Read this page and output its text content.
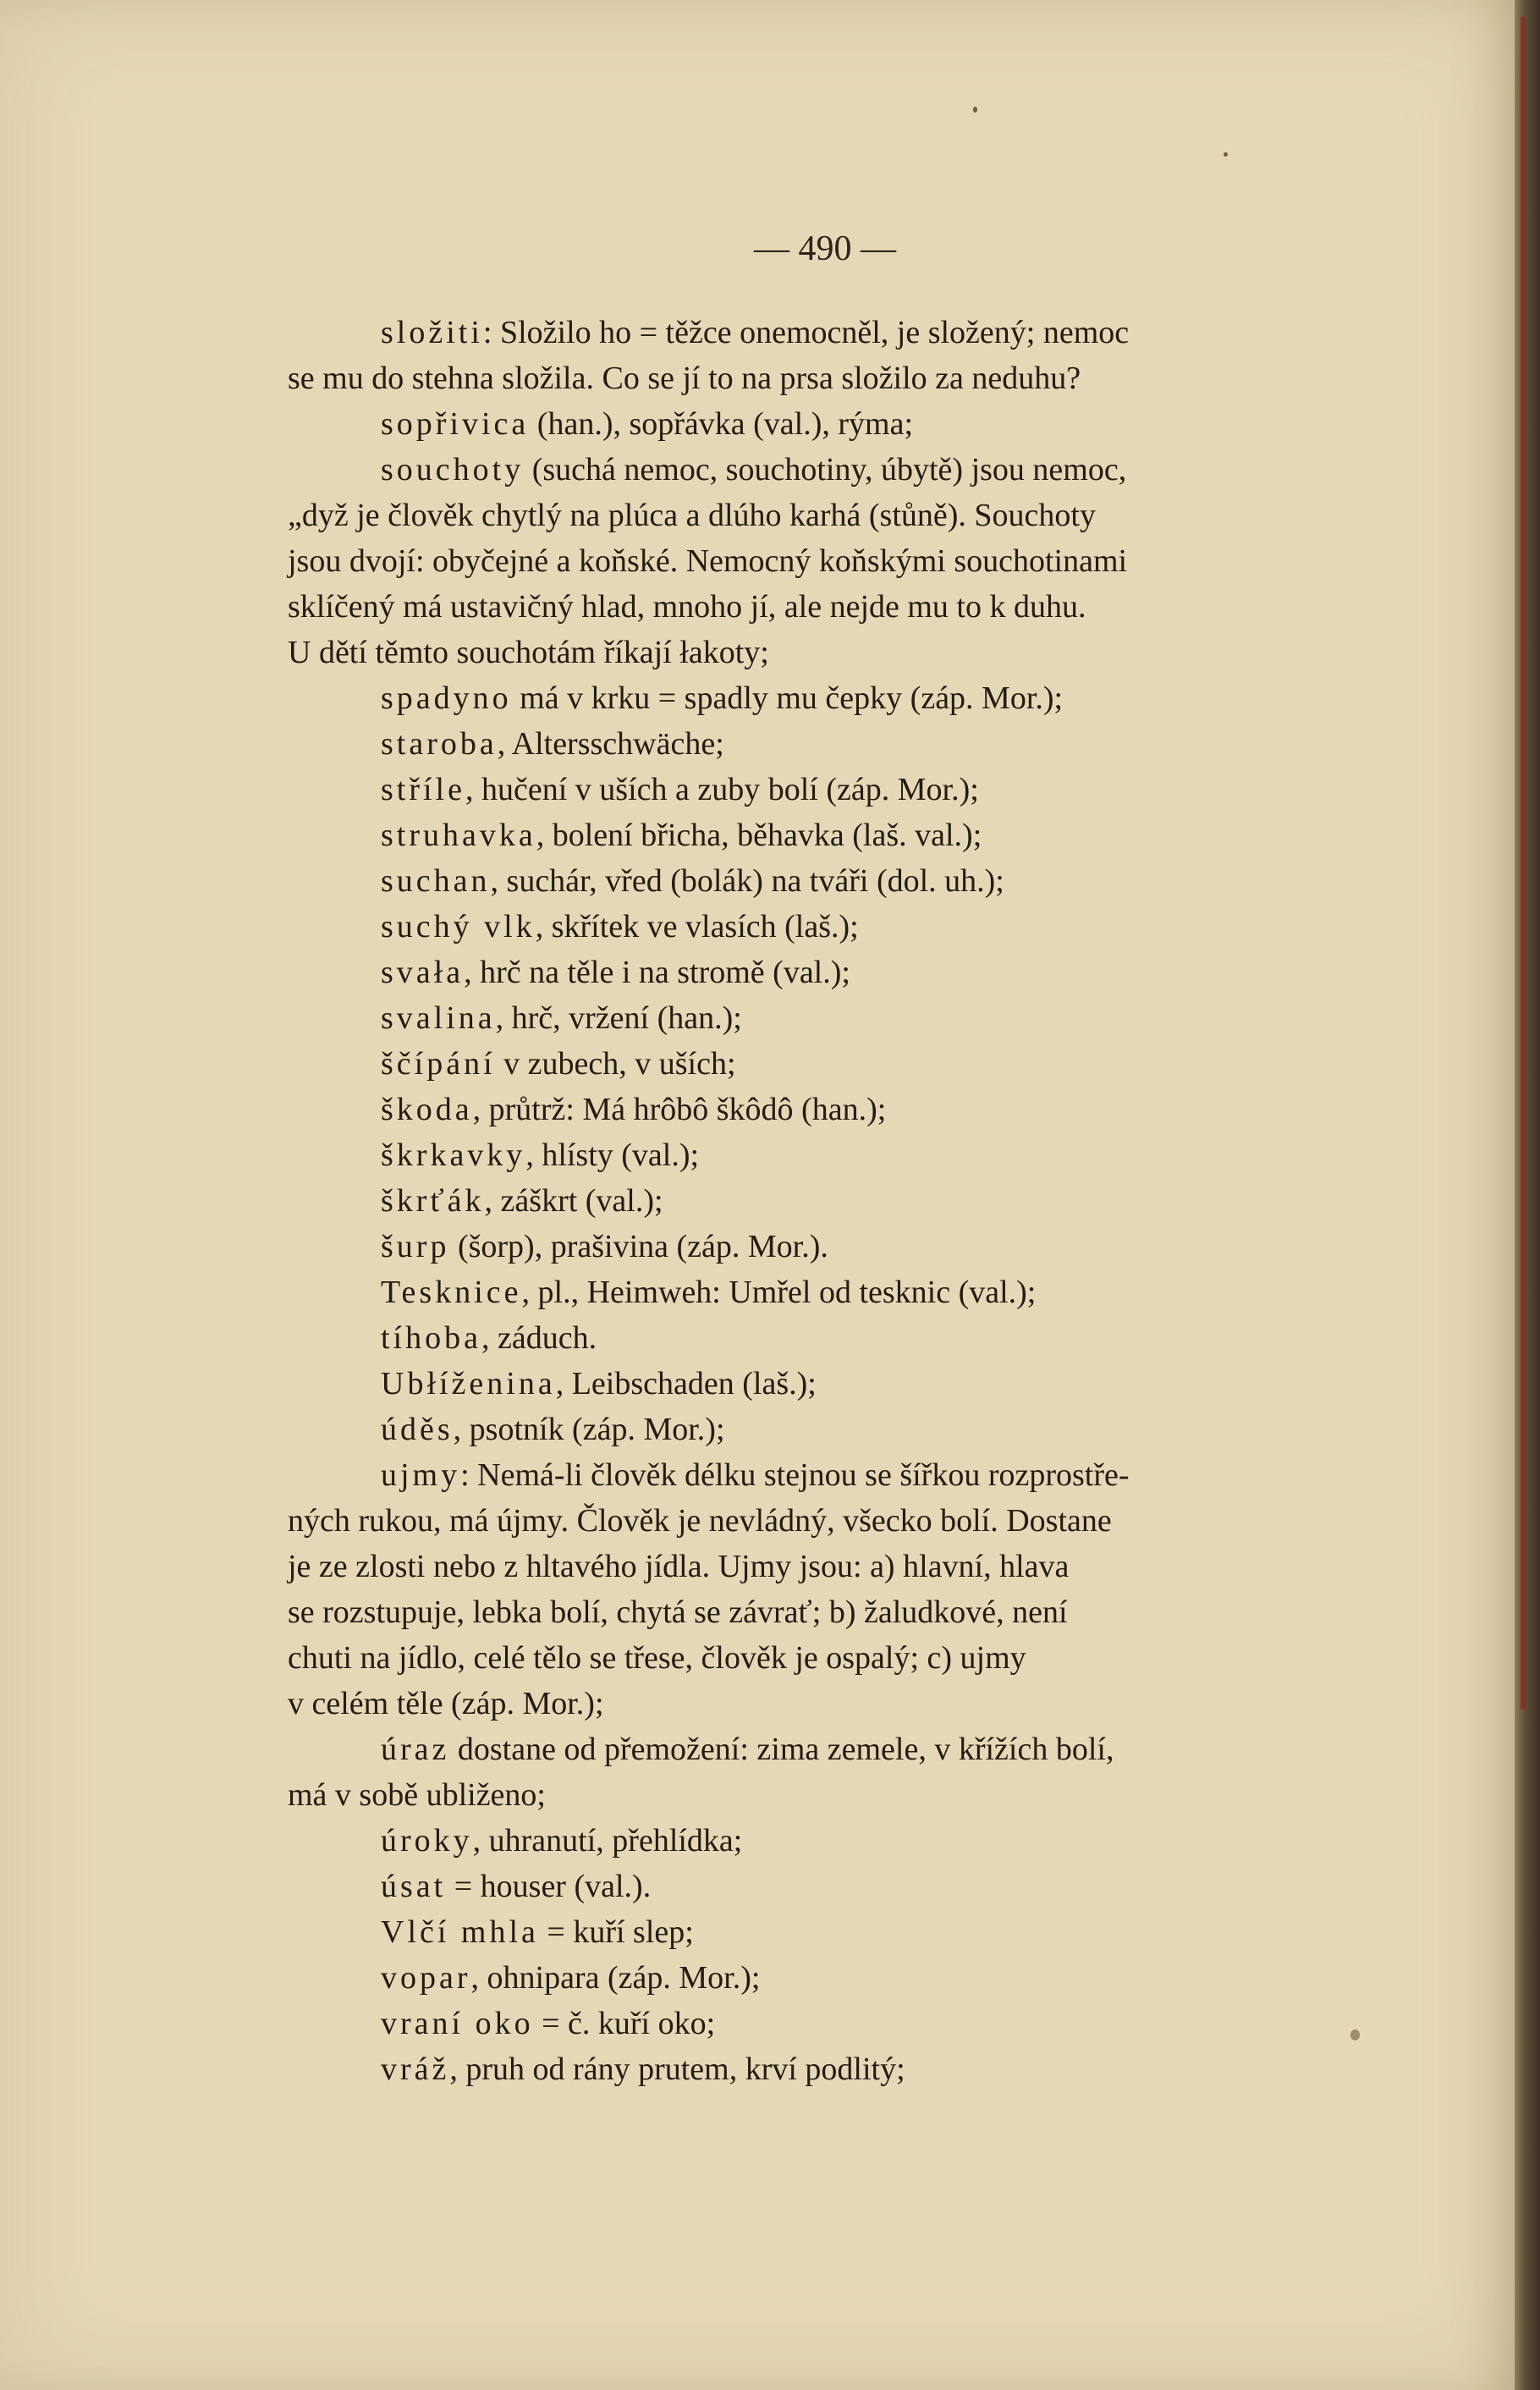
— 490 —
složiti: Složilo ho = těžce onemocněl, je složený; nemoc
se mu do stehna složila. Co se jí to na prsa složilo za neduhu?
sopřivica (han.), sopřávka (val.), rýma;
souchoty (suchá nemoc, souchotiny, úbytě) jsou nemoc,
„dyž je člověk chytlý na plúca a dlúho karhá (stůně). Souchoty
jsou dvojí: obyčejné a koňské. Nemocný koňskými souchotinami
sklíčený má ustavičný hlad, mnoho jí, ale nejde mu to k duhu.
U dětí těmto souchotám říkají łakoty;
spadyno má v krku = spadly mu čepky (záp. Mor.);
staroba, Altersschwäche;
stříle, hučení v uších a zuby bolí (záp. Mor.);
struhavka, bolení břicha, běhavka (laš. val.);
suchan, suchár, vřed (bolák) na tváři (dol. uh.);
suchý vlk, skřítek ve vlasích (laš.);
svała, hrč na těle i na stromě (val.);
svalina, hrč, vržení (han.);
ščípání v zubech, v uších;
škoda, průtrž: Má hrôbô škôdô (han.);
škrkavky, hlísty (val.);
škrťák, záškrt (val.);
šurp (šorp), prašivina (záp. Mor.).
Tesknice, pl., Heimweh: Umřel od tesknic (val.);
tíhoba, záduch.
Ubłíženina, Leibschaden (laš.);
úděs, psotník (záp. Mor.);
ujmy: Nemá-li člověk délku stejnou se šířkou rozprostře-
ných rukou, má újmy. Člověk je nevládný, všecko bolí. Dostane
je ze zlosti nebo z hltavého jídla. Ujmy jsou: a) hlavní, hlava
se rozstupuje, lebka bolí, chytá se závrať; b) žaludkové, není
chuti na jídlo, celé tělo se třese, člověk je ospalý; c) ujmy
v celém těle (záp. Mor.);
úraz dostane od přemožení: zima zemele, v křížích bolí,
má v sobě ubliženo;
úroky, uhranutí, přehlídka;
úsat = houser (val.).
Vlčí mhla = kuří slep;
vopar, ohnipara (záp. Mor.);
vraní oko = č. kuří oko;
vráž, pruh od rány prutem, krví podlitý;
